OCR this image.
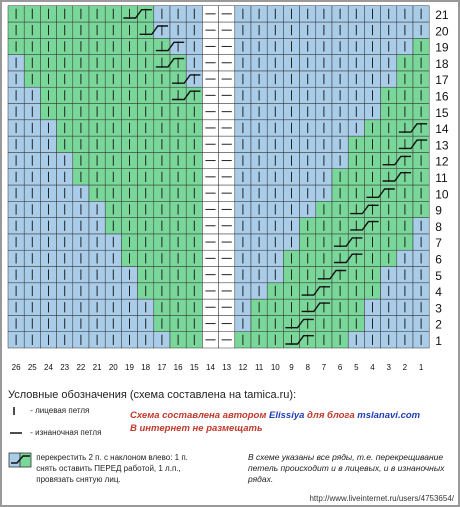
1
2
3
4
5
6
7
8
9
10
11
12
13
14
15
16
17
18
19
20
21
26 25 24 23 22 21 20 19 18 17 16 15 14 13 12 11 10 9 8 7 6 5 4 3 2 1
Условные обозначения (схема составлена на tamica.ru):
- лицевая петля
- изнаночная петля
перекрестить 2 п. с наклоном влево: 1 п.
снять оставить ПЕРЕД работой, 1 л.п.,
провязать снятую лиц.
Схема составлена автором Elissiya для блога mslanavi.com
В интернет не размещать
В схеме указаны все ряды, т.е. перекрещивание петель происходит и в лицевых, и в изнаночных рядах.
http://www.liveinternet.ru/users/4753654/
